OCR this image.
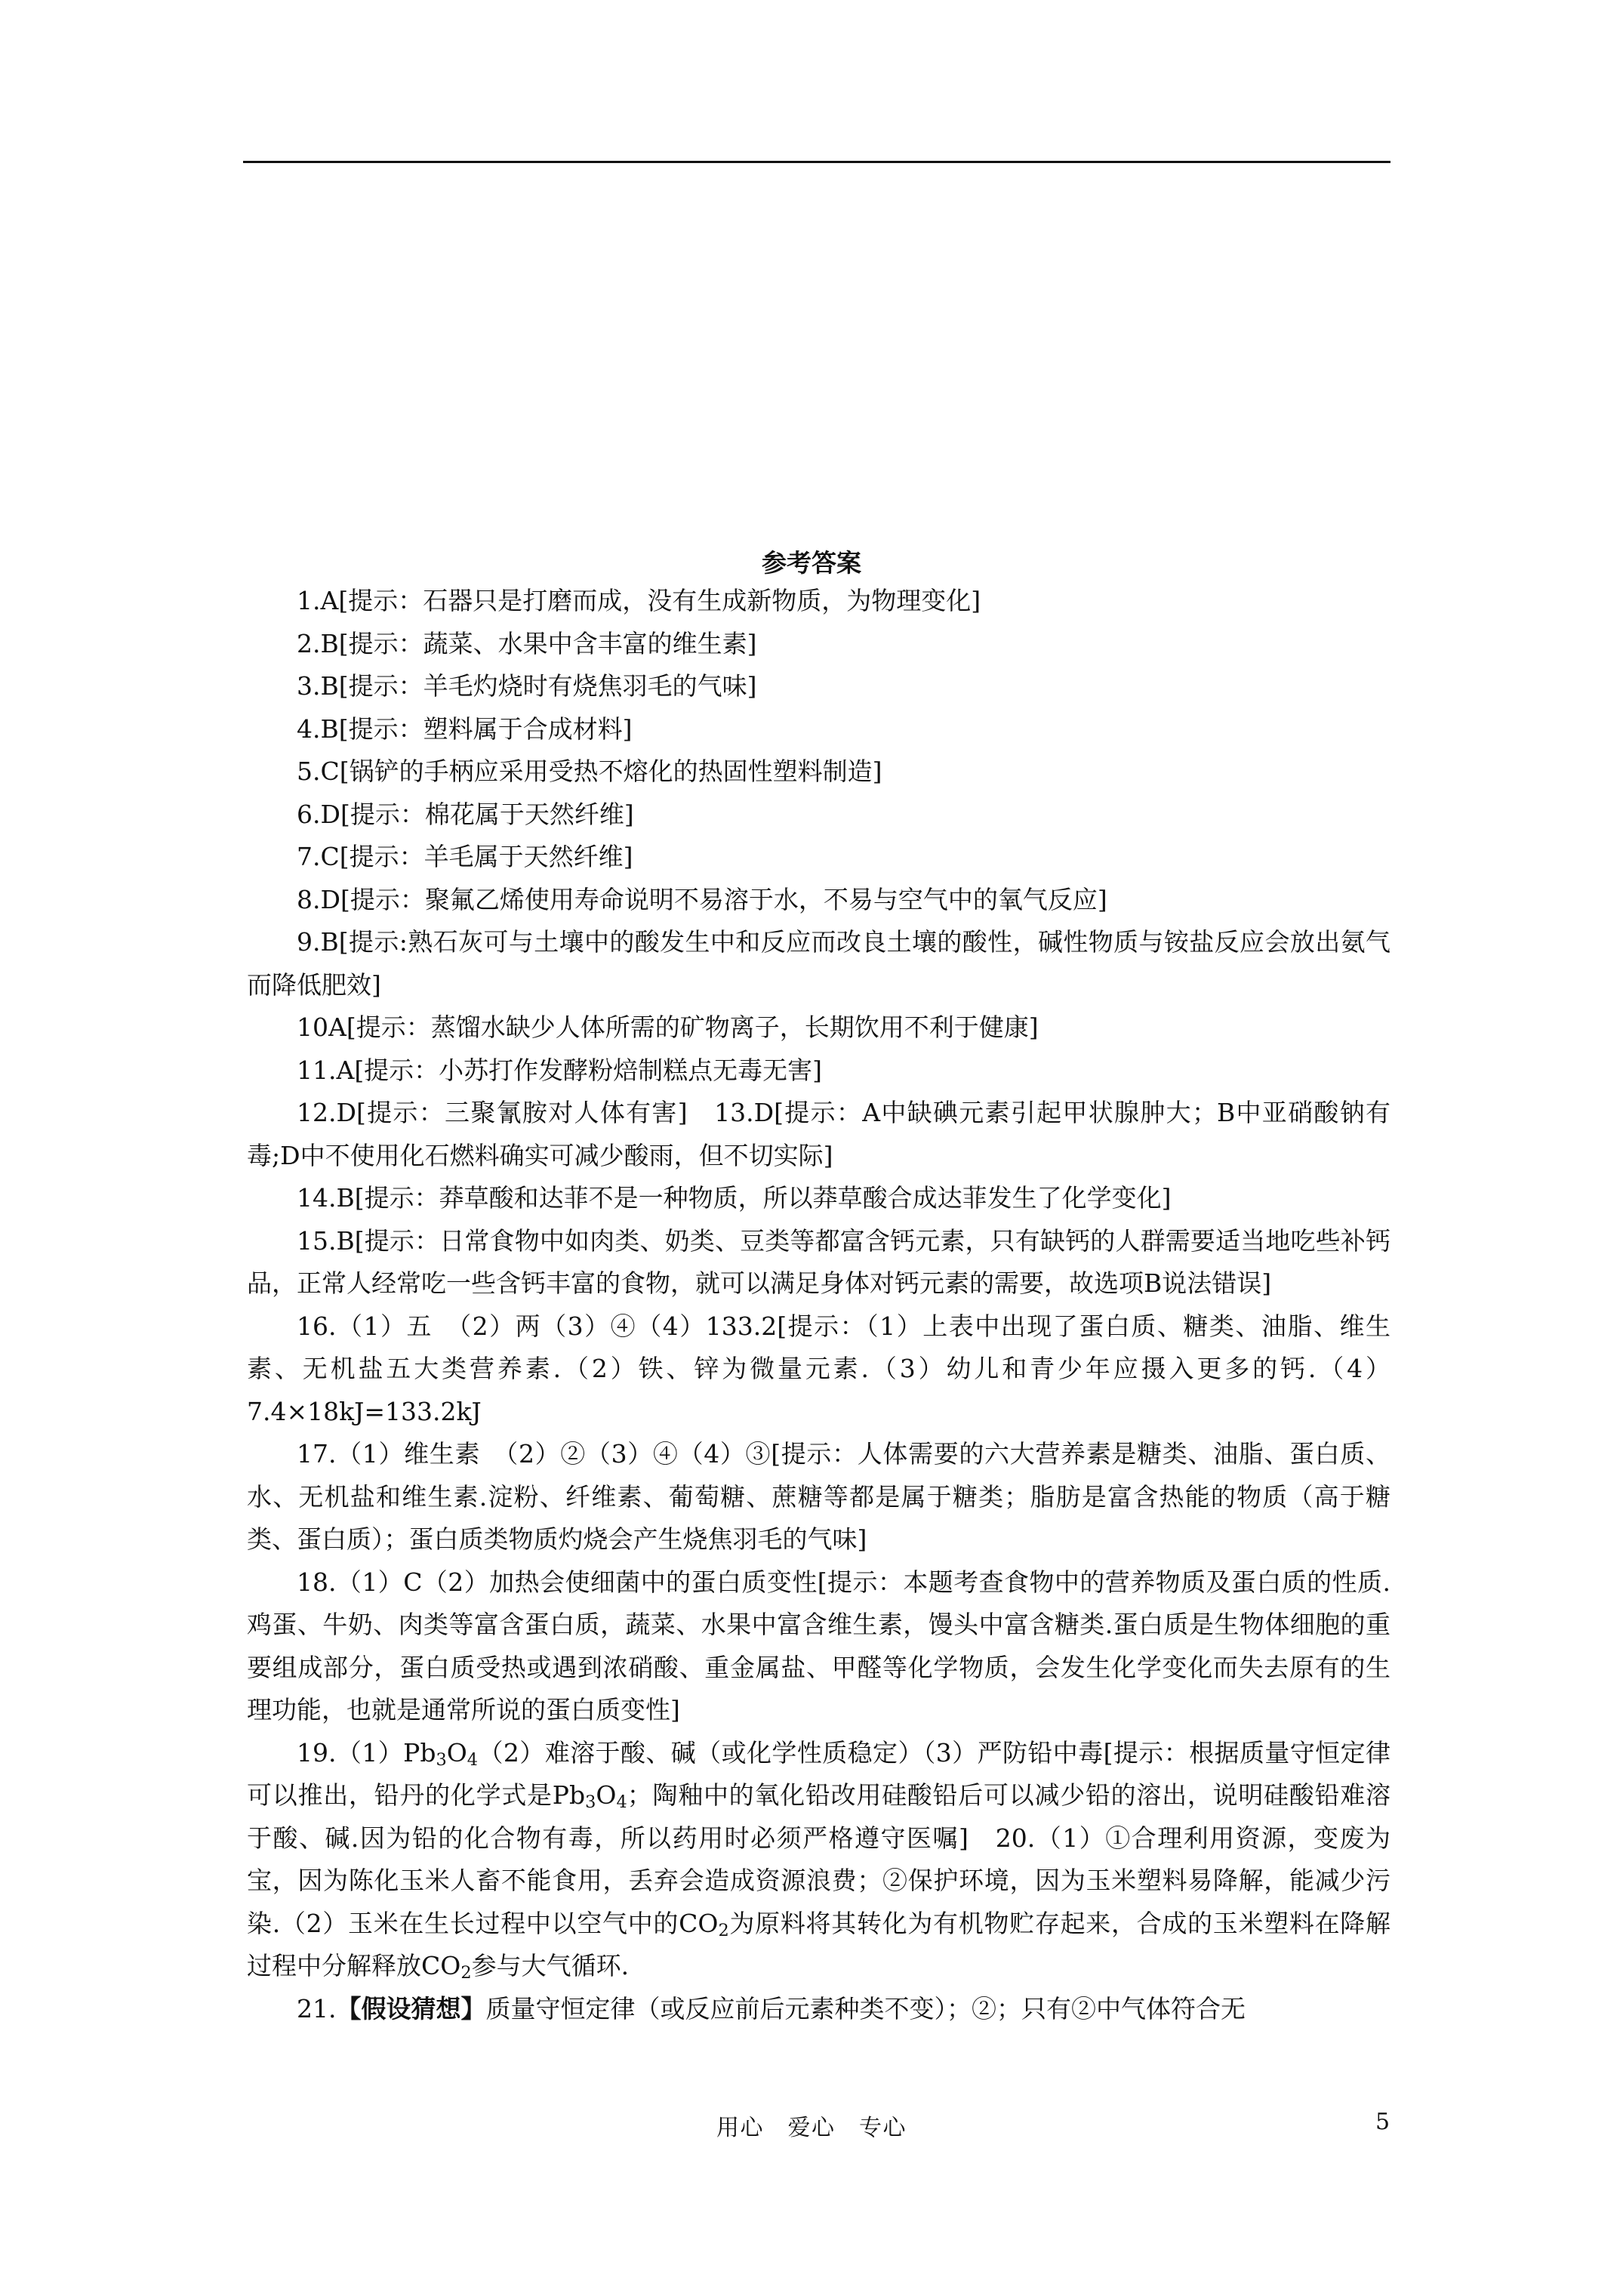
参考答案

1.A[提示：石器只是打磨而成，没有生成新物质，为物理变化]

2.B[提示：蔬菜、水果中含丰富的维生素]

3.B[提示：羊毛灼烧时有烧焦羽毛的气味]

4.B[提示：塑料属于合成材料]

5.C[锅铲的手柄应采用受热不熔化的热固性塑料制造]

6.D[提示：棉花属于天然纤维]

7.C[提示：羊毛属于天然纤维]

8.D[提示：聚氟乙烯使用寿命说明不易溶于水，不易与空气中的氧气反应]

9.B[提示:熟石灰可与土壤中的酸发生中和反应而改良土壤的酸性，碱性物质与铵盐反应会放出氨气而降低肥效]

10A[提示：蒸馏水缺少人体所需的矿物离子，长期饮用不利于健康]

11.A[提示：小苏打作发酵粉焙制糕点无毒无害]

12.D[提示：三聚氰胺对人体有害]　13.D[提示：A中缺碘元素引起甲状腺肿大；B中亚硝酸钠有毒;D中不使用化石燃料确实可减少酸雨，但不切实际]

14.B[提示：莽草酸和达菲不是一种物质，所以莽草酸合成达菲发生了化学变化]

15.B[提示：日常食物中如肉类、奶类、豆类等都富含钙元素，只有缺钙的人群需要适当地吃些补钙品，正常人经常吃一些含钙丰富的食物，就可以满足身体对钙元素的需要，故选项B说法错误]

16.（1）五　（2）两（3）④（4）133.2[提示：（1）上表中出现了蛋白质、糖类、油脂、维生素、无机盐五大类营养素.（2）铁、锌为微量元素.（3）幼儿和青少年应摄入更多的钙.（4）7.4×18kJ=133.2kJ

17.（1）维生素　（2）②（3）④（4）③[提示：人体需要的六大营养素是糖类、油脂、蛋白质、水、无机盐和维生素.淀粉、纤维素、葡萄糖、蔗糖等都是属于糖类；脂肪是富含热能的物质（高于糖类、蛋白质）；蛋白质类物质灼烧会产生烧焦羽毛的气味]

18.（1）C（2）加热会使细菌中的蛋白质变性[提示：本题考查食物中的营养物质及蛋白质的性质.鸡蛋、牛奶、肉类等富含蛋白质，蔬菜、水果中富含维生素，馒头中富含糖类.蛋白质是生物体细胞的重要组成部分，蛋白质受热或遇到浓硝酸、重金属盐、甲醛等化学物质，会发生化学变化而失去原有的生理功能，也就是通常所说的蛋白质变性]

$19.(1)Pb_3O_4(2)$难溶于酸、碱（或化学性质稳定）（3）严防铅中毒[提示：根据质量守恒定律可以推出，铅丹的化学式是$Pb_3O_4$；陶釉中的氧化铅改用硅酸铅后可以减少铅的溶出，说明硅酸铅难溶于酸、碱.因为铅的化合物有毒，所以药用时必须严格遵守医嘱]　20.（1）①合理利用资源，变废为宝，因为陈化玉米人畜不能食用，丢弃会造成资源浪费；②保护环境，因为玉米塑料易降解，能减少污染.（2）玉米在生长过程中以空气中的$CO_2$为原料将其转化为有机物贮存起来，合成的玉米塑料在降解过程中分解释放$CO_2$参与大气循环.

21.【假设猜想】质量守恒定律（或反应前后元素种类不变）；②；只有②中气体符合无

用心　爱心　专心	5
